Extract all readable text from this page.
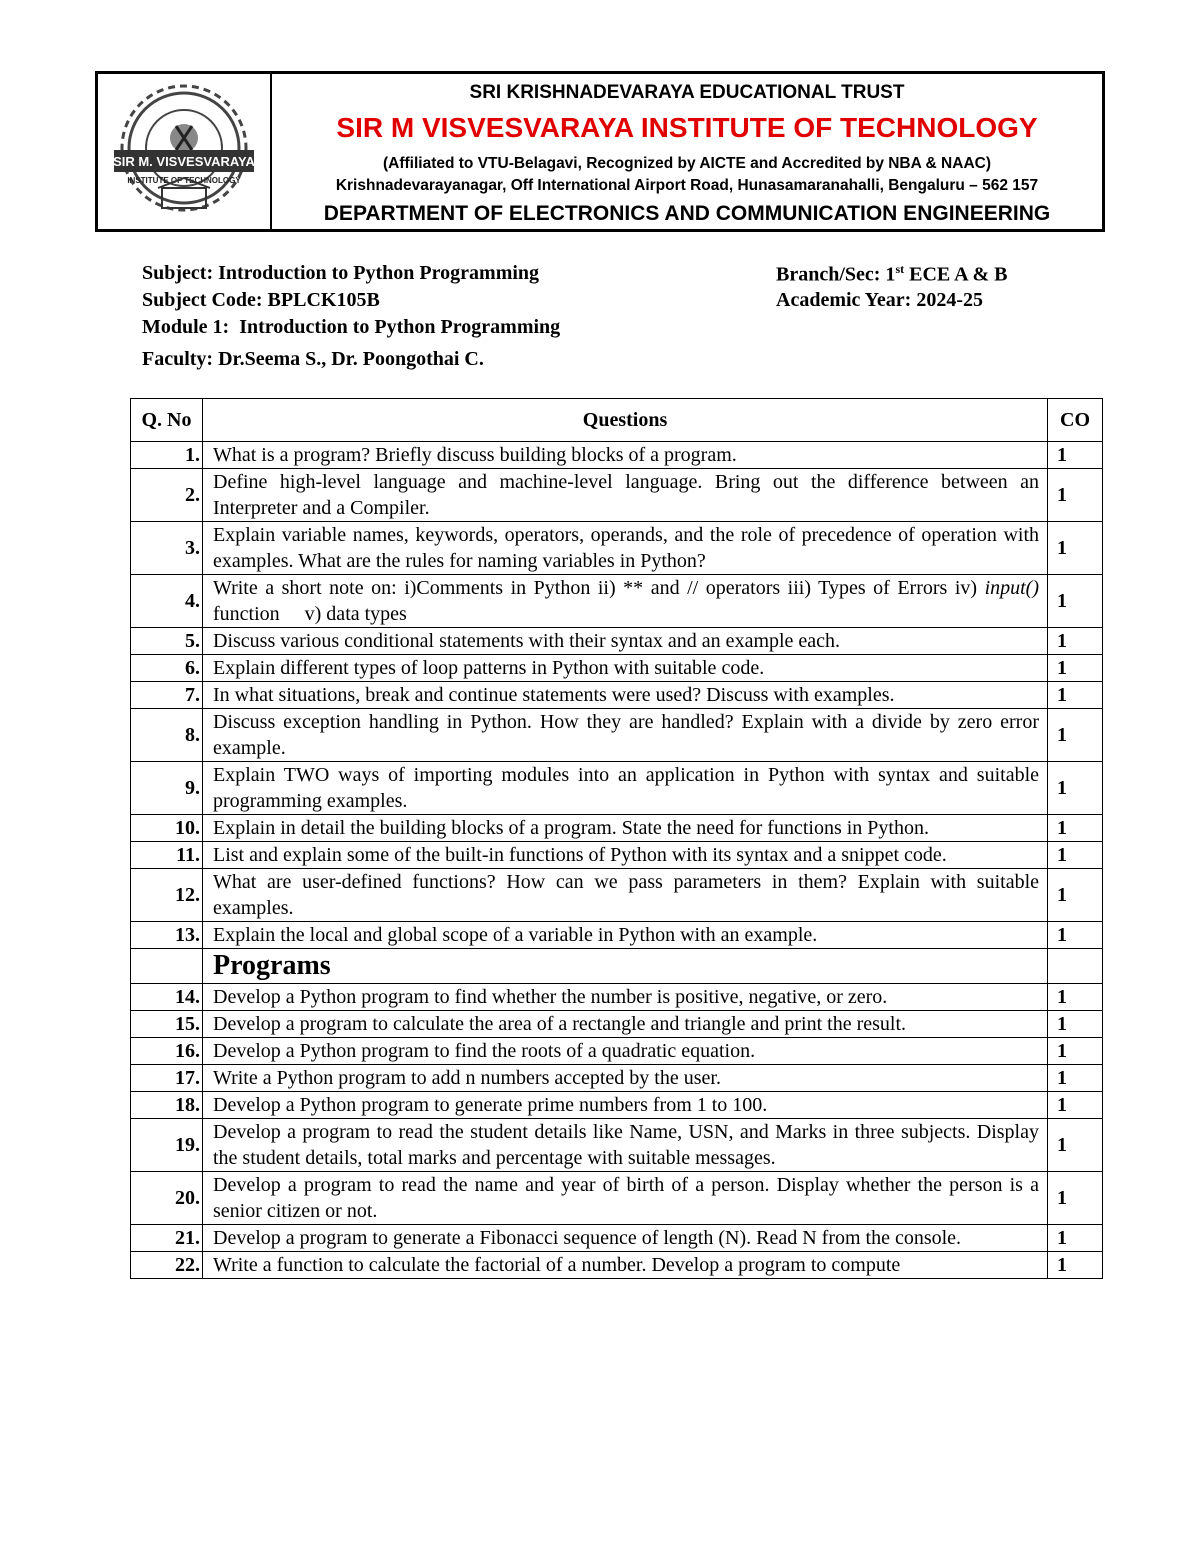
SIR M. VISVESVARAYA
INSTITUTE OF TECHNOLOGY
SRI KRISHNADEVARAYA EDUCATIONAL TRUST
SIR M VISVESVARAYA INSTITUTE OF TECHNOLOGY
(Affiliated to VTU-Belagavi, Recognized by AICTE and Accredited by NBA & NAAC)
Krishnadevarayanagar, Off International Airport Road, Hunasamaranahalli, Bengaluru – 562 157
DEPARTMENT OF ELECTRONICS AND COMMUNICATION ENGINEERING
Subject: Introduction to Python Programming
Subject Code: BPLCK105B
Module 1:  Introduction to Python Programming
Faculty: Dr.Seema S., Dr. Poongothai C.
Branch/Sec: 1st ECE A & B
Academic Year: 2024-25
Q. No	Questions	CO
1.	What is a program? Briefly discuss building blocks of a program.	1
2.	Define high-level language and machine-level language. Bring out the difference between an Interpreter and a Compiler.	1
3.	Explain variable names, keywords, operators, operands, and the role of precedence of operation with examples. What are the rules for naming variables in Python?	1
4.	Write a short note on: i)Comments in Python ii) ** and // operators iii) Types of Errors iv) input() function     v) data types	1
5.	Discuss various conditional statements with their syntax and an example each.	1
6.	Explain different types of loop patterns in Python with suitable code.	1
7.	In what situations, break and continue statements were used? Discuss with examples.	1
8.	Discuss exception handling in Python. How they are handled? Explain with a divide by zero error example.	1
9.	Explain TWO ways of importing modules into an application in Python with syntax and suitable programming examples.	1
10.	Explain in detail the building blocks of a program. State the need for functions in Python.	1
11.	List and explain some of the built-in functions of Python with its syntax and a snippet code.	1
12.	What are user-defined functions? How can we pass parameters in them? Explain with suitable examples.	1
13.	Explain the local and global scope of a variable in Python with an example.	1
	Programs	
14.	Develop a Python program to find whether the number is positive, negative, or zero.	1
15.	Develop a program to calculate the area of a rectangle and triangle and print the result.	1
16.	Develop a Python program to find the roots of a quadratic equation.	1
17.	Write a Python program to add n numbers accepted by the user.	1
18.	Develop a Python program to generate prime numbers from 1 to 100.	1
19.	Develop a program to read the student details like Name, USN, and Marks in three subjects. Display the student details, total marks and percentage with suitable messages.	1
20.	Develop a program to read the name and year of birth of a person. Display whether the person is a senior citizen or not.	1
21.	Develop a program to generate a Fibonacci sequence of length (N). Read N from the console.	1
22.	Write a function to calculate the factorial of a number. Develop a program to compute	1
